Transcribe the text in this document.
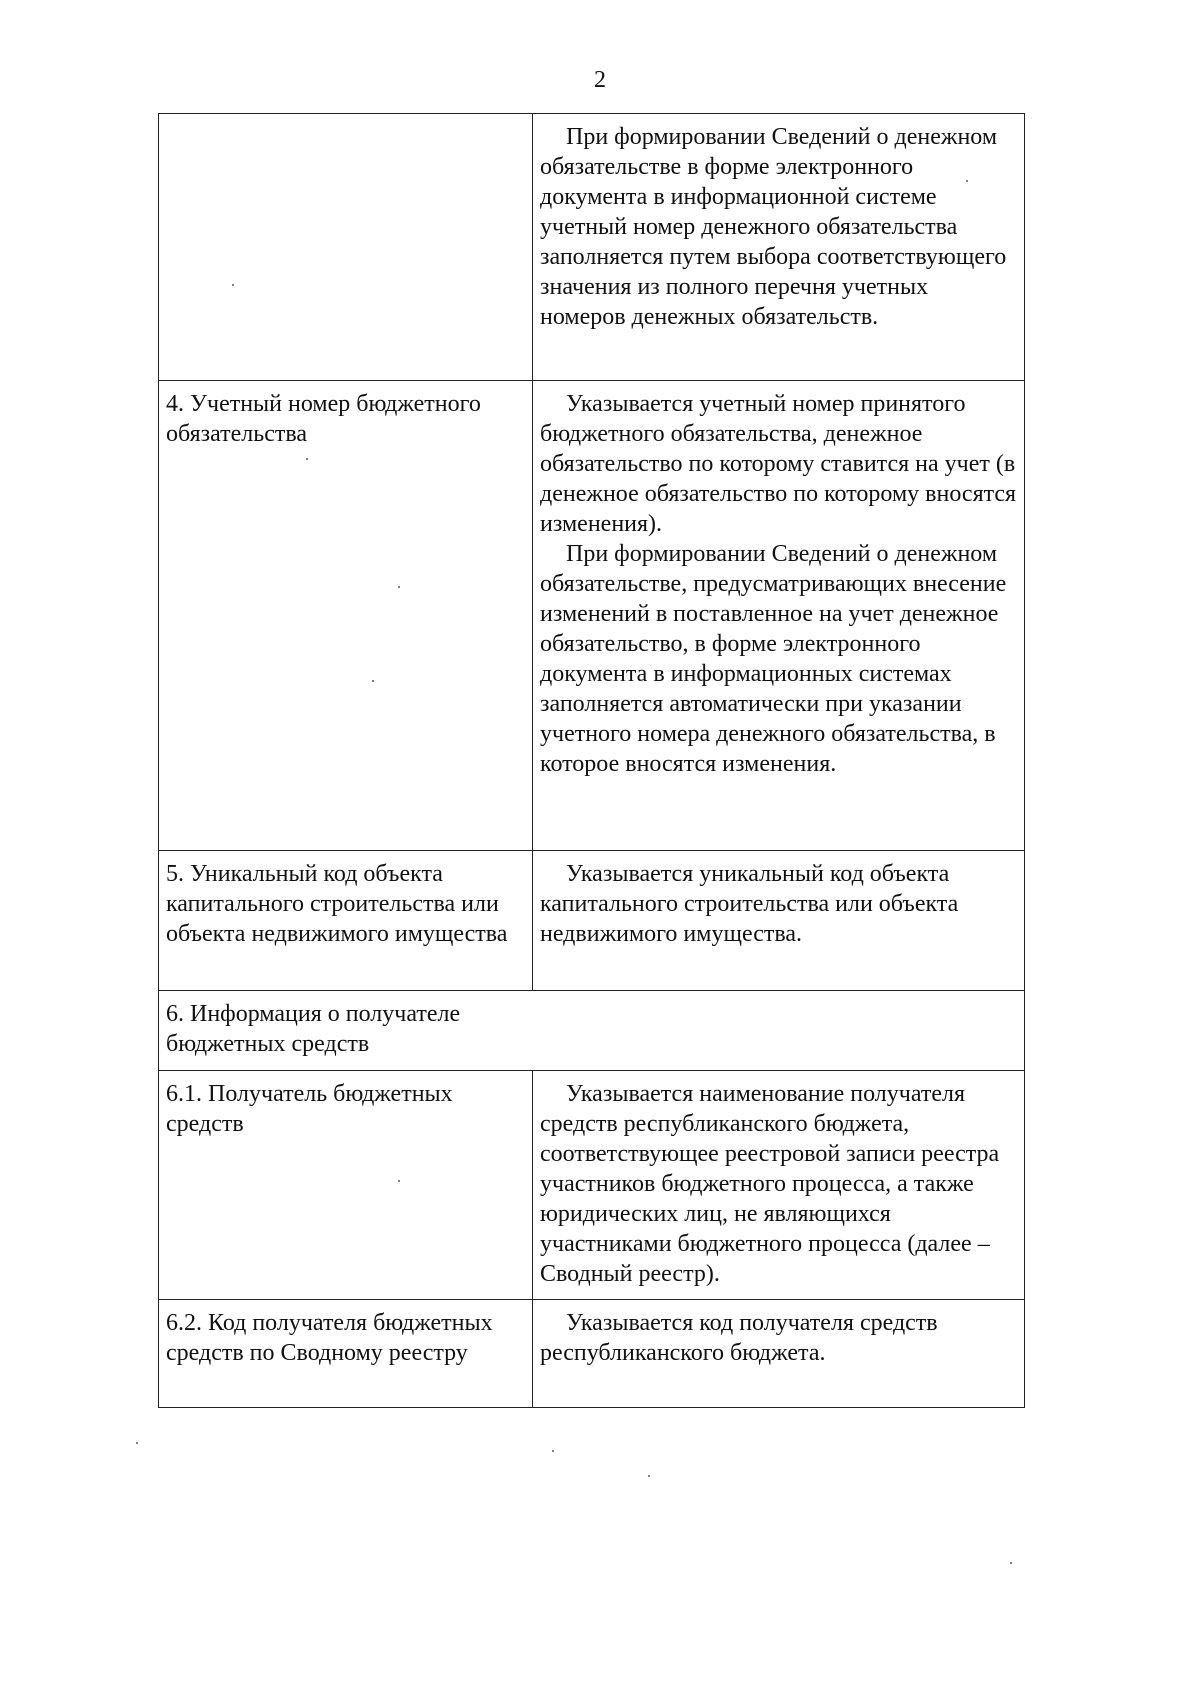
2

	При формировании Сведений о денежном обязательстве в форме электронного документа в информационной системе учетный номер денежного обязательства заполняется путем выбора соответствующего значения из полного перечня учетных номеров денежных обязательств.

4. Учетный номер бюджетного обязательства	Указывается учетный номер принятого бюджетного обязательства, денежное обязательство по которому ставится на учет (в денежное обязательство по которому вносятся изменения).
При формировании Сведений о денежном обязательстве, предусматривающих внесение изменений в поставленное на учет денежное обязательство, в форме электронного документа в информационных системах заполняется автоматически при указании учетного номера денежного обязательства, в которое вносятся изменения.

5. Уникальный код объекта капитального строительства или объекта недвижимого имущества	Указывается уникальный код объекта капитального строительства или объекта недвижимого имущества.

6. Информация о получателе бюджетных средств	

6.1. Получатель бюджетных средств	Указывается наименование получателя средств республиканского бюджета, соответствующее реестровой записи реестра участников бюджетного процесса, а также юридических лиц, не являющихся участниками бюджетного процесса (далее – Сводный реестр).

6.2. Код получателя бюджетных средств по Сводному реестру	Указывается код получателя средств республиканского бюджета.
